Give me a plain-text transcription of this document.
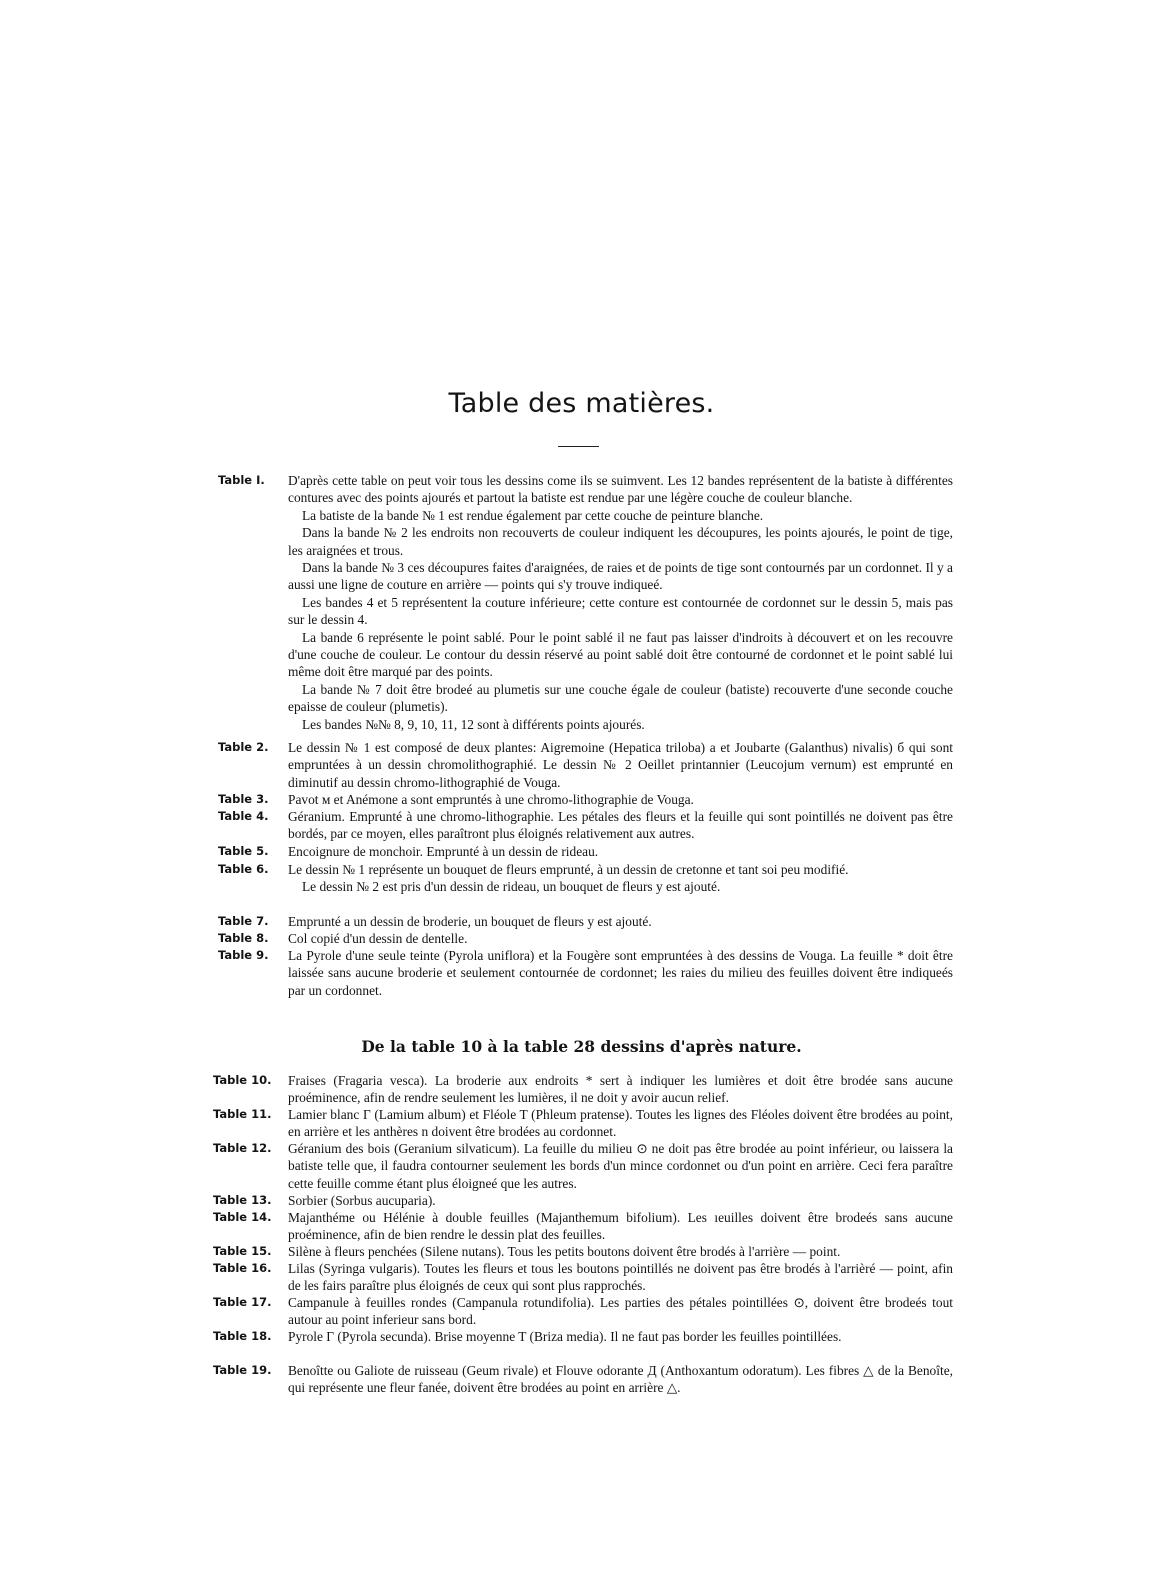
Table des matières.
Table I.	D'après cette table on peut voir tous les dessins come ils se suimvent. Les 12 bandes représentent de la batiste à différentes contures avec des points ajourés et partout la batiste est rendue par une légère couche de couleur blanche.

La batiste de la bande № 1 est rendue également par cette couche de peinture blanche.

Dans la bande № 2 les endroits non recouverts de couleur indiquent les découpures, les points ajourés, le point de tige, les araignées et trous.

Dans la bande № 3 ces découpures faites d'araignées, de raies et de points de tige sont contournés par un cordonnet. Il y a aussi une ligne de couture en arrière — points qui s'y trouve indiqueé.

Les bandes 4 et 5 représentent la couture inférieure; cette conture est contournée de cordonnet sur le dessin 5, mais pas sur le dessin 4.

La bande 6 représente le point sablé. Pour le point sablé il ne faut pas laisser d'indroits à découvert et on les recouvre d'une couche de couleur. Le contour du dessin réservé au point sablé doit être contourné de cordonnet et le point sablé lui même doit être marqué par des points.

La bande № 7 doit être brodeé au plumetis sur une couche égale de couleur (batiste) recouverte d'une seconde couche epaisse de couleur (plumetis).

Les bandes №№ 8, 9, 10, 11, 12 sont à différents points ajourés.

Table 2.	Le dessin № 1 est composé de deux plantes: Aigremoine (Hepatica triloba) a et Joubarte (Galanthus) nivalis) б qui sont empruntées à un dessin chromolithographié. Le dessin № 2 Oeillet printannier (Leucojum vernum) est emprunté en diminutif au dessin chromo-lithographié de Vouga.

Table 3.	Pavot м et Anémone a sont empruntés à une chromo-lithographie de Vouga.

Table 4.	Géranium. Emprunté à une chromo-lithographie. Les pétales des fleurs et la feuille qui sont pointillés ne doivent pas être bordés, par ce moyen, elles paraîtront plus éloignés relativement aux autres.

Table 5.	Encoignure de monchoir. Emprunté à un dessin de rideau.

Table 6.	Le dessin № 1 représente un bouquet de fleurs emprunté, à un dessin de cretonne et tant soi peu modifié.

Le dessin № 2 est pris d'un dessin de rideau, un bouquet de fleurs y est ajouté.

Table 7.	Emprunté a un dessin de broderie, un bouquet de fleurs y est ajouté.

Table 8.	Col copié d'un dessin de dentelle.

Table 9.	La Pyrole d'une seule teinte (Pyrola uniflora) et la Fougère sont empruntées à des dessins de Vouga. La feuille * doit être laissée sans aucune broderie et seulement contournée de cordonnet; les raies du milieu des feuilles doivent être indiqueés par un cordonnet.

De la table 10 à la table 28 dessins d'après nature.
Table 10.	Fraises (Fragaria vesca). La broderie aux endroits * sert à indiquer les lumières et doit être brodée sans aucune proéminence, afin de rendre seulement les lumières, il ne doit y avoir aucun relief.

Table 11.	Lamier blanc Γ (Lamium album) et Fléole T (Phleum pratense). Toutes les lignes des Fléoles doivent être brodées au point, en arrière et les anthères n doivent être brodées au cordonnet.

Table 12.	Géranium des bois (Geranium silvaticum). La feuille du milieu ⊙ ne doit pas être brodée au point inférieur, ou laissera la batiste telle que, il faudra contourner seulement les bords d'un mince cordonnet ou d'un point en arrière. Ceci fera paraître cette feuille comme étant plus éloigneé que les autres.

Table 13.	Sorbier (Sorbus aucuparia).

Table 14.	Majanthéme ou Hélénie à double feuilles (Majanthemum bifolium). Les ıeuilles doivent être brodeés sans aucune proéminence, afin de bien rendre le dessin plat des feuilles.

Table 15.	Silène à fleurs penchées (Silene nutans). Tous les petits boutons doivent être brodés à l'arrière — point.

Table 16.	Lilas (Syringa vulgaris). Toutes les fleurs et tous les boutons pointillés ne doivent pas être brodés à l'arrièré — point, afin de les fairs paraître plus éloignés de ceux qui sont plus rapprochés.

Table 17.	Campanule à feuilles rondes (Campanula rotundifolia). Les parties des pétales pointillées ⊙, doivent être brodeés tout autour au point inferieur sans bord.

Table 18.	Pyrole Γ (Pyrola secunda). Brise moyenne T (Briza media). Il ne faut pas border les feuilles pointillées.

Table 19.	Benoîtte ou Galiote de ruisseau (Geum rivale) et Flouve odorante Д (Anthoxantum odoratum). Les fibres △ de la Benoîte, qui représente une fleur fanée, doivent être brodées au point en arrière △.
